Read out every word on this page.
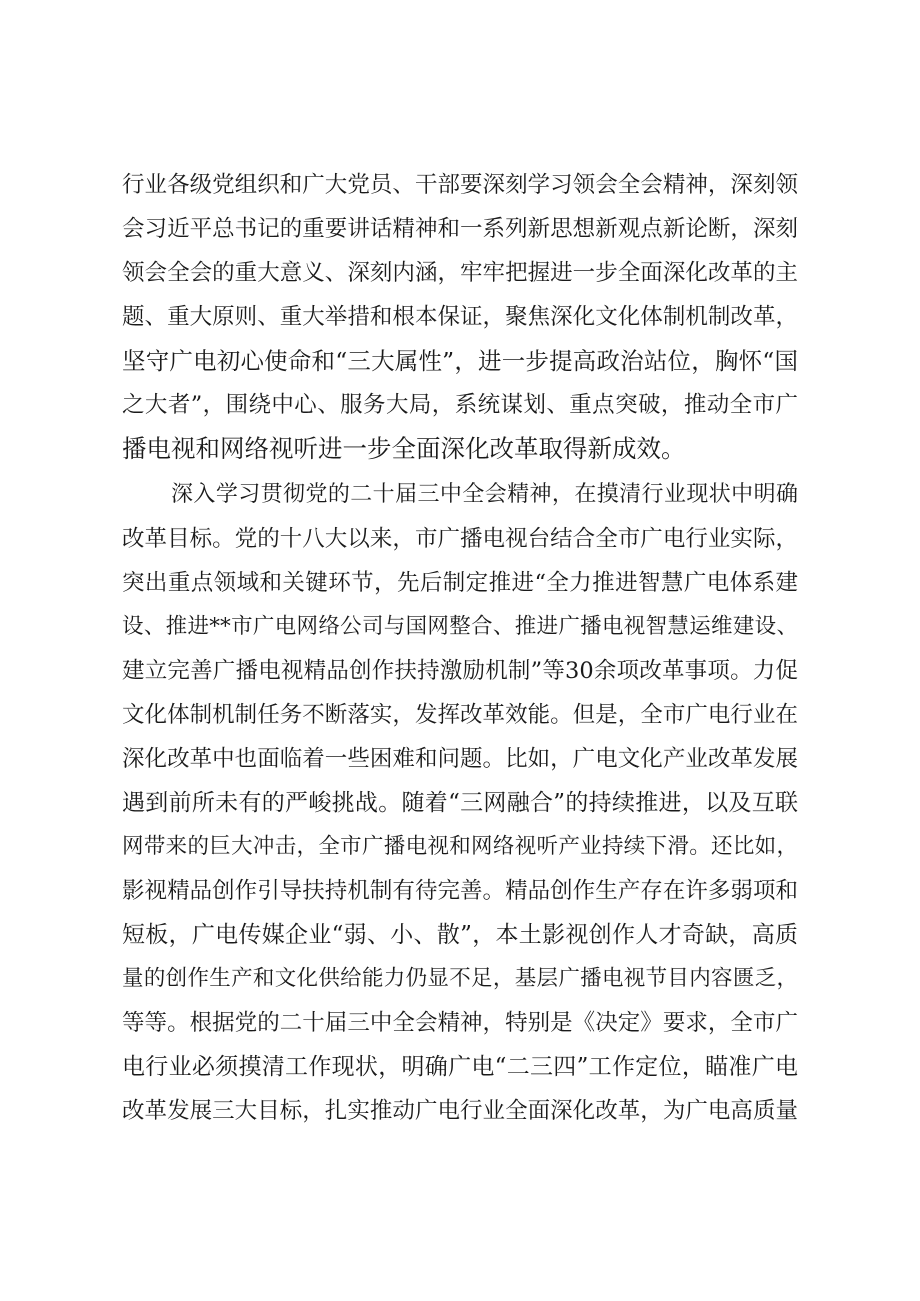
行业各级党组织和广大党员、干部要深刻学习领会全会精神，深刻领
会习近平总书记的重要讲话精神和一系列新思想新观点新论断，深刻
领会全会的重大意义、深刻内涵，牢牢把握进一步全面深化改革的主
题、重大原则、重大举措和根本保证，聚焦深化文化体制机制改革，
坚守广电初心使命和“三大属性”，进一步提高政治站位，胸怀“国
之大者”，围绕中心、服务大局，系统谋划、重点突破，推动全市广
播电视和网络视听进一步全面深化改革取得新成效。
深入学习贯彻党的二十届三中全会精神，在摸清行业现状中明确
改革目标。党的十八大以来，市广播电视台结合全市广电行业实际，
突出重点领域和关键环节，先后制定推进“全力推进智慧广电体系建
设、推进**市广电网络公司与国网整合、推进广播电视智慧运维建设、
建立完善广播电视精品创作扶持激励机制”等30余项改革事项。力促
文化体制机制任务不断落实，发挥改革效能。但是，全市广电行业在
深化改革中也面临着一些困难和问题。比如，广电文化产业改革发展
遇到前所未有的严峻挑战。随着“三网融合”的持续推进，以及互联
网带来的巨大冲击，全市广播电视和网络视听产业持续下滑。还比如，
影视精品创作引导扶持机制有待完善。精品创作生产存在许多弱项和
短板，广电传媒企业“弱、小、散”，本土影视创作人才奇缺，高质
量的创作生产和文化供给能力仍显不足，基层广播电视节目内容匮乏，
等等。根据党的二十届三中全会精神，特别是《决定》要求，全市广
电行业必须摸清工作现状，明确广电“二三四”工作定位，瞄准广电
改革发展三大目标，扎实推动广电行业全面深化改革，为广电高质量
